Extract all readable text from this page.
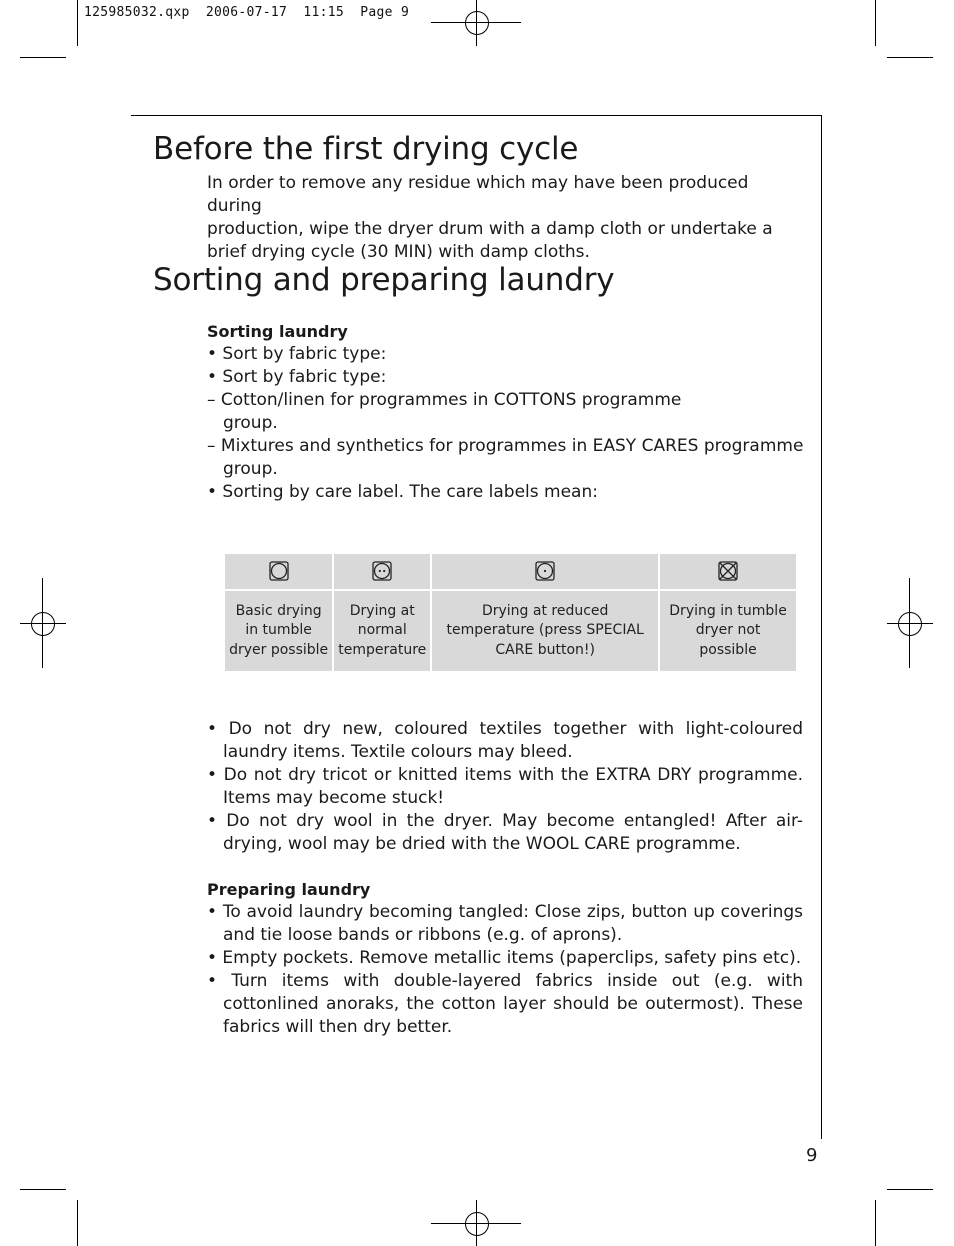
125985032.qxp  2006-07-17  11:15  Page 9
Before the first drying cycle
In order to remove any residue which may have been produced during
production, wipe the dryer drum with a damp cloth or undertake a
brief drying cycle (30 MIN) with damp cloths.
Sorting and preparing laundry
Sorting laundry
• Sort by fabric type:
• Sort by fabric type:
– Cotton/linen for programmes in COTTONS programme group.
– Mixtures and synthetics for programmes in EASY CARES programme group.
• Sorting by care label. The care labels mean:

Basic drying in tumble dryer possible	Drying at normal temperature	Drying at reduced temperature (press SPECIAL CARE button!)	Drying in tumble dryer not possible
• Do not dry new, coloured textiles together with light-coloured laundry items. Textile colours may bleed.
• Do not dry tricot or knitted items with the EXTRA DRY programme. Items may become stuck!
• Do not dry wool in the dryer. May become entangled! After air-drying, wool may be dried with the WOOL CARE programme.
Preparing laundry
• To avoid laundry becoming tangled: Close zips, button up coverings and tie loose bands or ribbons (e.g. of aprons).
• Empty pockets. Remove metallic items (paperclips, safety pins etc).
• Turn items with double-layered fabrics inside out (e.g. with cottonlined anoraks, the cotton layer should be outermost). These fabrics will then dry better.
9
